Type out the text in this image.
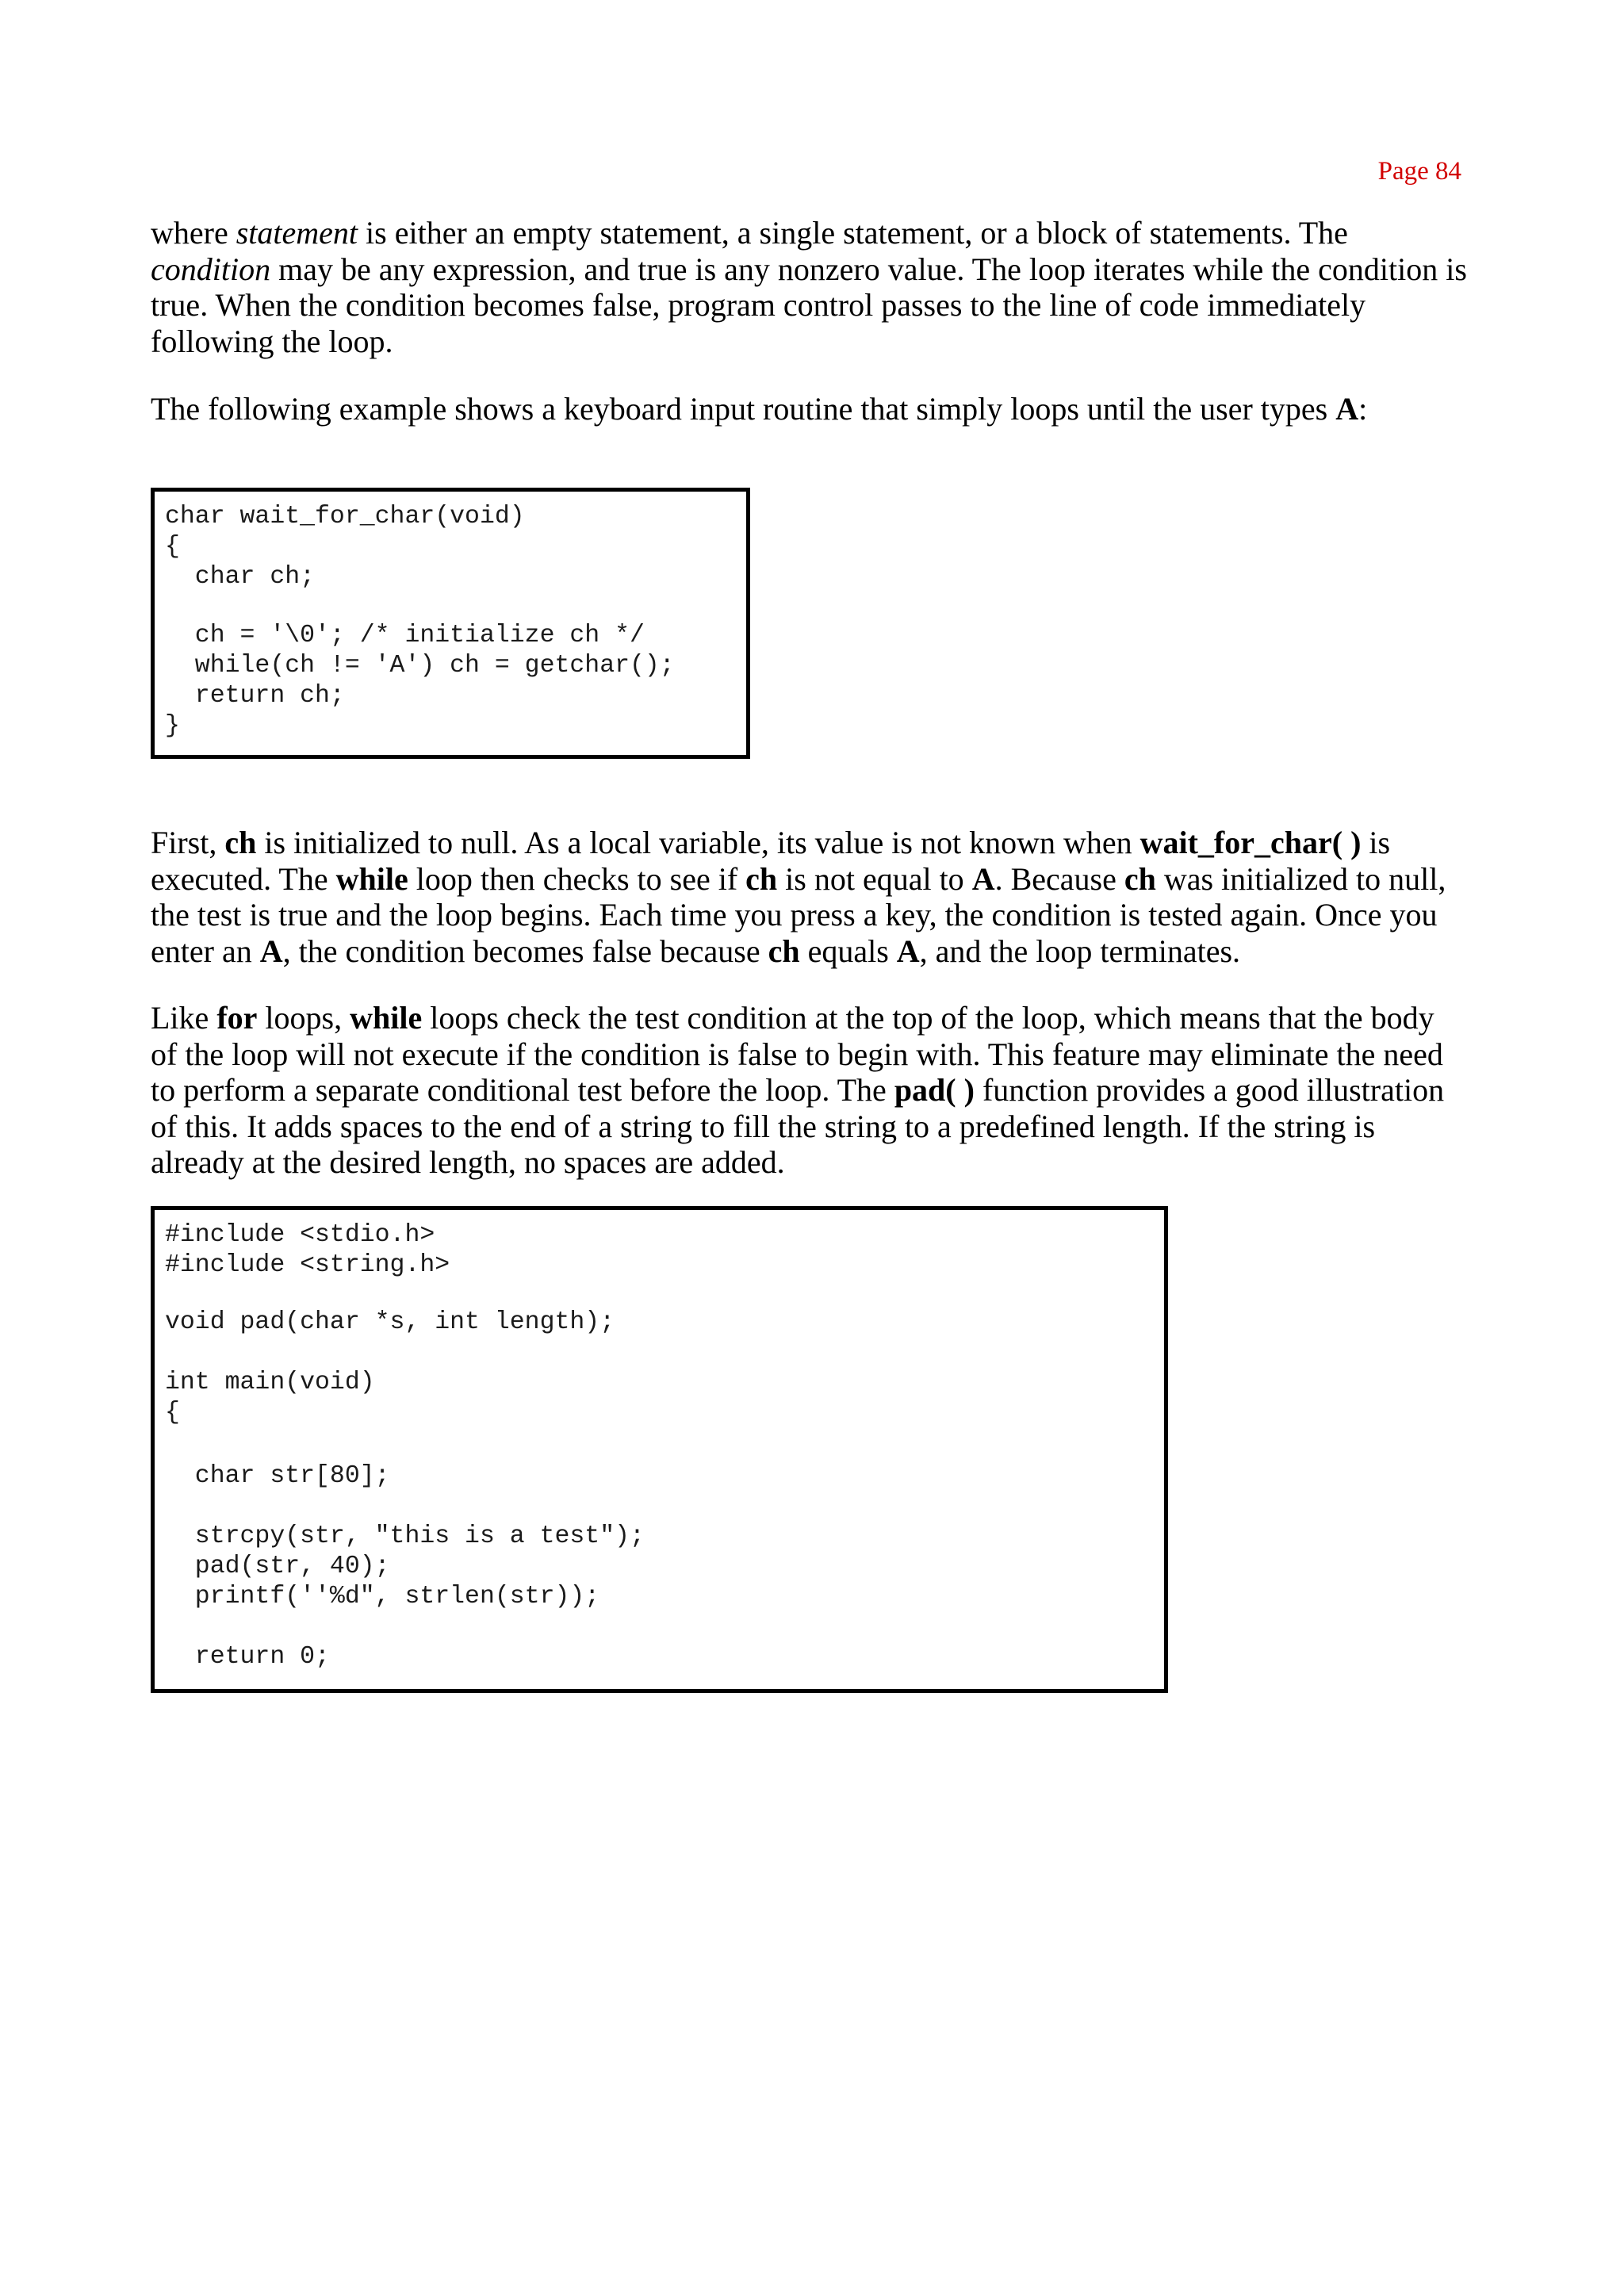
Page 84

where statement is either an empty statement, a single statement, or a block of statements. The condition may be any expression, and true is any nonzero value. The loop iterates while the condition is true. When the condition becomes false, program control passes to the line of code immediately following the loop.

The following example shows a keyboard input routine that simply loops until the user types A:

char wait_for_char(void)
{
char ch;
ch = '\0'; /* initialize ch */
while(ch != 'A') ch = getchar();
return ch;
}

First, ch is initialized to null. As a local variable, its value is not known when wait_for_char( ) is executed. The while loop then checks to see if ch is not equal to A. Because ch was initialized to null, the test is true and the loop begins. Each time you press a key, the condition is tested again. Once you enter an A, the condition becomes false because ch equals A, and the loop terminates.

Like for loops, while loops check the test condition at the top of the loop, which means that the body of the loop will not execute if the condition is false to begin with. This feature may eliminate the need to perform a separate conditional test before the loop. The pad( ) function provides a good illustration of this. It adds spaces to the end of a string to fill the string to a predefined length. If the string is already at the desired length, no spaces are added.

#include <stdio.h>
#include <string.h>
void pad(char *s, int length);
int main(void)
{
char str[80];
strcpy(str, "this is a test");
pad(str, 40);
printf(''%d", strlen(str));
return 0;
